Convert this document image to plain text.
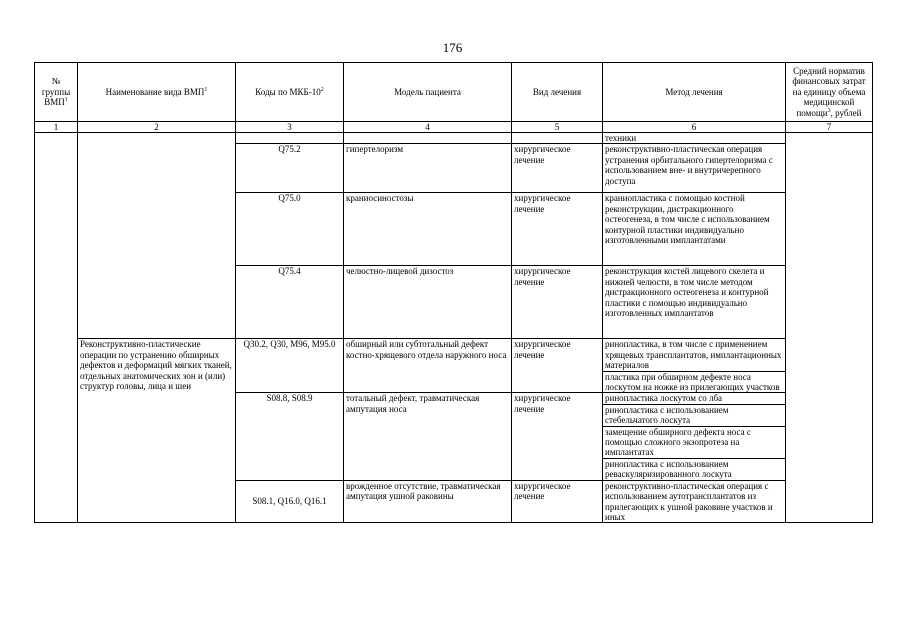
176
№ группы ВМП$^1$	Наименование вида ВМП$^1$	Коды по МКБ-$10^2$	Модель пациента	Вид лечения	Метод лечения	Средний норматив финансовых затрат на единицу объема медицинской помощи$^3$, рублей
1	2	3	4	5	6	7
					техники	
		Q75.2	гипертелоризм	хирургическое лечение	реконструктивно-пластическая операция устранения орбитального гипертелоризма с использованием вне- и внутричерепного доступа	
		Q75.0	краниосиностозы	хирургическое лечение	краниопластика с помощью костной реконструкции, дистракционного остеогенеза, в том числе с использованием контурной пластики индивидуально изготовленными имплантатами	
		Q75.4	челюстно-лицевой дизостоз	хирургическое лечение	реконструкция костей лицевого скелета и нижней челюсти, в том числе методом дистракционного остеогенеза и контурной пластики с помощью индивидуально изготовленных имплантатов	
	Реконструктивно-пластические операции по устранению обширных дефектов и деформаций мягких тканей, отдельных анатомических зон и (или) структур головы, лица и шеи	Q30.2, Q30, M96, M95.0	обширный или субтотальный дефект костно-хрящевого отдела наружного носа	хирургическое лечение	ринопластика, в том числе с применением хрящевых трансплантатов, имплантационных материалов	
					пластика при обширном дефекте носа лоскутом на ножке из прилегающих участков	
		S08.8, S08.9	тотальный дефект, травматическая ампутация носа	хирургическое лечение	ринопластика лоскутом со лба	
					ринопластика с использованием стебельчатого лоскута	
					замещение обширного дефекта носа с помощью сложного экзопротеза на имплантатах	
					ринопластика с использованием реваскуляризированного лоскута	
		S08.1, Q16.0, Q16.1	врожденное отсутствие, травматическая ампутация ушной раковины	хирургическое лечение	реконструктивно-пластическая операция с использованием аутотрансплантатов из прилегающих к ушной раковине участков и иных	
